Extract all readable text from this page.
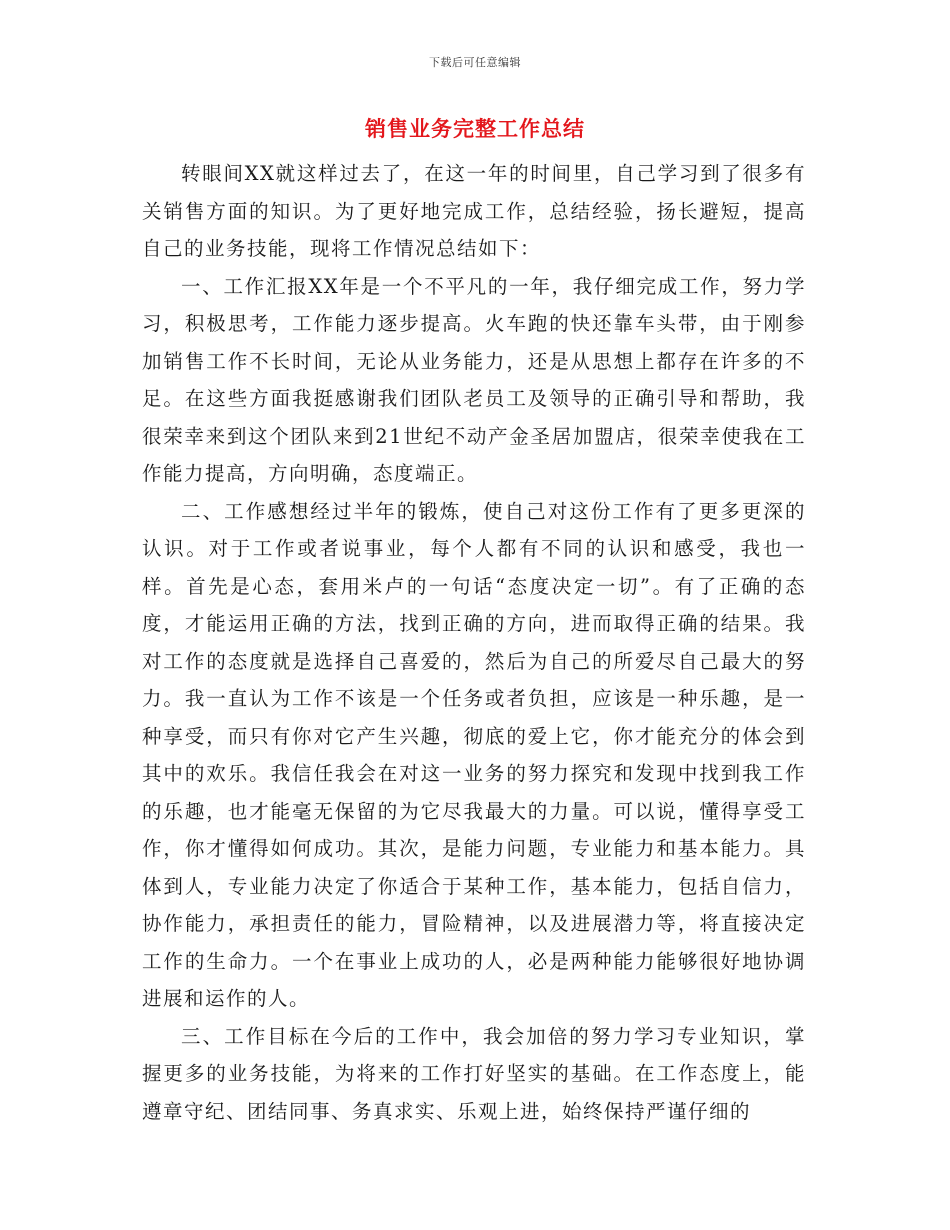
下载后可任意编辑
销售业务完整工作总结

转眼间XX就这样过去了，在这一年的时间里，自己学习到了很多有关销售方面的知识。为了更好地完成工作，总结经验，扬长避短，提高自己的业务技能，现将工作情况总结如下：

一、工作汇报XX年是一个不平凡的一年，我仔细完成工作，努力学习，积极思考，工作能力逐步提高。火车跑的快还靠车头带，由于刚参加销售工作不长时间，无论从业务能力，还是从思想上都存在许多的不足。在这些方面我挺感谢我们团队老员工及领导的正确引导和帮助，我很荣幸来到这个团队来到21世纪不动产金圣居加盟店，很荣幸使我在工作能力提高，方向明确，态度端正。

二、工作感想经过半年的锻炼，使自己对这份工作有了更多更深的认识。对于工作或者说事业，每个人都有不同的认识和感受，我也一样。首先是心态，套用米卢的一句话“态度决定一切”。有了正确的态度，才能运用正确的方法，找到正确的方向，进而取得正确的结果。我对工作的态度就是选择自己喜爱的，然后为自己的所爱尽自己最大的努力。我一直认为工作不该是一个任务或者负担，应该是一种乐趣，是一种享受，而只有你对它产生兴趣，彻底的爱上它，你才能充分的体会到其中的欢乐。我信任我会在对这一业务的努力探究和发现中找到我工作的乐趣，也才能毫无保留的为它尽我最大的力量。可以说，懂得享受工作，你才懂得如何成功。其次，是能力问题，专业能力和基本能力。具体到人，专业能力决定了你适合于某种工作，基本能力，包括自信力，协作能力，承担责任的能力，冒险精神，以及进展潜力等，将直接决定工作的生命力。一个在事业上成功的人，必是两种能力能够很好地协调进展和运作的人。

三、工作目标在今后的工作中，我会加倍的努力学习专业知识，掌握更多的业务技能，为将来的工作打好坚实的基础。在工作态度上，能遵章守纪、团结同事、务真求实、乐观上进，始终保持严谨仔细的
